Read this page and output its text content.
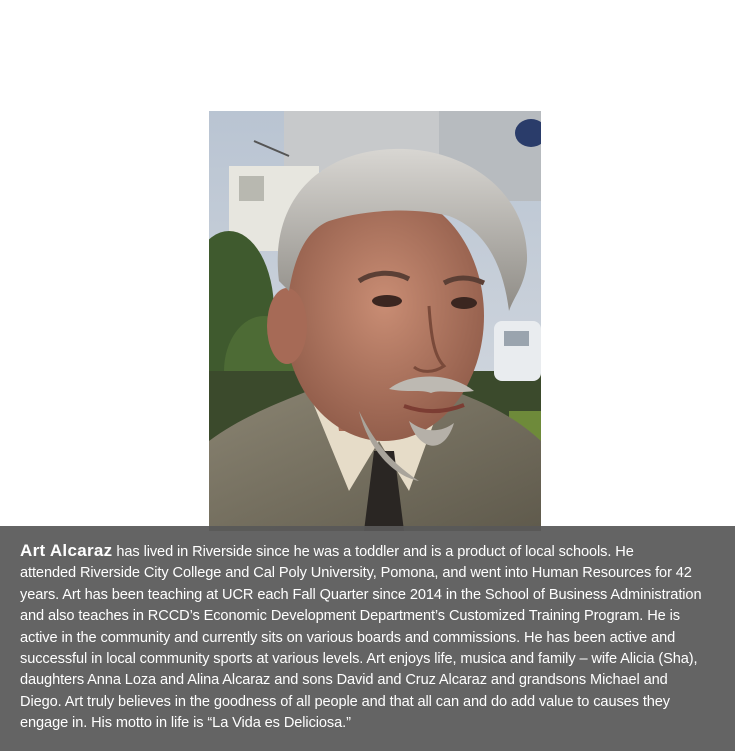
Art Alcaraz has lived in Riverside since he was a toddler and is a product of local schools. He
attended Riverside City College and Cal Poly University, Pomona, and went into Human Resources for 42
years. Art has been teaching at UCR each Fall Quarter since 2014 in the School of Business Administration
and also teaches in RCCD’s Economic Development Department’s Customized Training Program. He is
active in the community and currently sits on various boards and commissions. He has been active and
successful in local community sports at various levels. Art enjoys life, musica and family – wife Alicia (Sha),
daughters Anna Loza and Alina Alcaraz and sons David and Cruz Alcaraz and grandsons Michael and
Diego. Art truly believes in the goodness of all people and that all can and do add value to causes they
engage in. His motto in life is “La Vida es Deliciosa.”
